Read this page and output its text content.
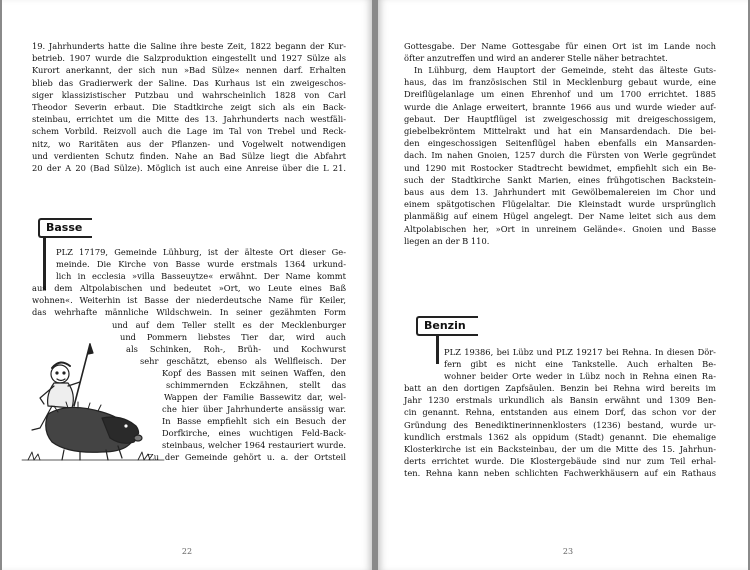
19. Jahrhunderts hatte die Saline ihre beste Zeit, 1822 begann der Kur-

betrieb. 1907 wurde die Salzproduktion eingestellt und 1927 Sülze als

Kurort anerkannt, der sich nun »Bad Sülze« nennen darf. Erhalten

blieb das Gradierwerk der Saline. Das Kurhaus ist ein zweigeschos-

siger klassizistischer Putzbau und wahrscheinlich 1828 von Carl

Theodor Severin erbaut. Die Stadtkirche zeigt sich als ein Back-

steinbau, errichtet um die Mitte des 13. Jahrhunderts nach westfäli-

schem Vorbild. Reizvoll auch die Lage im Tal von Trebel und Reck-

nitz, wo Raritäten aus der Pflanzen- und Vogelwelt notwendigen

und verdienten Schutz finden. Nahe an Bad Sülze liegt die Abfahrt

20 der A 20 (Bad Sülze). Möglich ist auch eine Anreise über die L 21.

Basse

PLZ 17179, Gemeinde Lühburg, ist der älteste Ort dieser Ge-

meinde. Die Kirche von Basse wurde erstmals 1364 urkund-

lich in ecclesia »villa Basseuytze« erwähnt. Der Name kommt

aus dem Altpolabischen und bedeutet »Ort, wo Leute eines Baß

wohnen«. Weiterhin ist Basse der niederdeutsche Name für Keiler,

das wehrhafte männliche Wildschwein. In seiner gezähmten Form

und auf dem Teller stellt es der Mecklenburger

und Pommern liebstes Tier dar, wird auch

als Schinken, Roh-, Brüh- und Kochwurst

sehr geschätzt, ebenso als Wellfleisch. Der

Kopf des Bassen mit seinen Waffen, den

schimmernden Eckzähnen, stellt das

Wappen der Familie Bassewitz dar, wel-

che hier über Jahrhunderte ansässig war.

In Basse empfiehlt sich ein Besuch der

Dorfkirche, eines wuchtigen Feld-Back-

steinbaus, welcher 1964 restauriert wurde.

Zu der Gemeinde gehört u. a. der Ortsteil

22

Gottesgabe. Der Name Gottesgabe für einen Ort ist im Lande noch

öfter anzutreffen und wird an anderer Stelle näher betrachtet.

In Lühburg, dem Hauptort der Gemeinde, steht das älteste Guts-

haus, das im französischen Stil in Mecklenburg gebaut wurde, eine

Dreiflügelanlage um einen Ehrenhof und um 1700 errichtet. 1885

wurde die Anlage erweitert, brannte 1966 aus und wurde wieder auf-

gebaut. Der Hauptflügel ist zweigeschossig mit dreigeschossigem,

giebelbekröntem Mittelrakt und hat ein Mansardendach. Die bei-

den eingeschossigen Seitenflügel haben ebenfalls ein Mansarden-

dach. Im nahen Gnoien, 1257 durch die Fürsten von Werle gegründet

und 1290 mit Rostocker Stadtrecht bewidmet, empfiehlt sich ein Be-

such der Stadtkirche Sankt Marien, eines frühgotischen Backstein-

baus aus dem 13. Jahrhundert mit Gewölbemalereien im Chor und

einem spätgotischen Flügelaltar. Die Kleinstadt wurde ursprünglich

planmäßig auf einem Hügel angelegt. Der Name leitet sich aus dem

Altpolabischen her, »Ort in unreinem Gelände«. Gnoien und Basse

liegen an der B 110.

Benzin

PLZ 19386, bei Lübz und PLZ 19217 bei Rehna. In diesen Dör-

fern gibt es nicht eine Tankstelle. Auch erhalten Be-

wohner beider Orte weder in Lübz noch in Rehna einen Ra-

batt an den dortigen Zapfsäulen. Benzin bei Rehna wird bereits im

Jahr 1230 erstmals urkundlich als Bansin erwähnt und 1309 Ben-

cin genannt. Rehna, entstanden aus einem Dorf, das schon vor der

Gründung des Benediktinerinnenklosters (1236) bestand, wurde ur-

kundlich erstmals 1362 als oppidum (Stadt) genannt. Die ehemalige

Klosterkirche ist ein Backsteinbau, der um die Mitte des 15. Jahrhun-

derts errichtet wurde. Die Klostergebäude sind nur zum Teil erhal-

ten. Rehna kann neben schlichten Fachwerkhäusern auf ein Rathaus

23
